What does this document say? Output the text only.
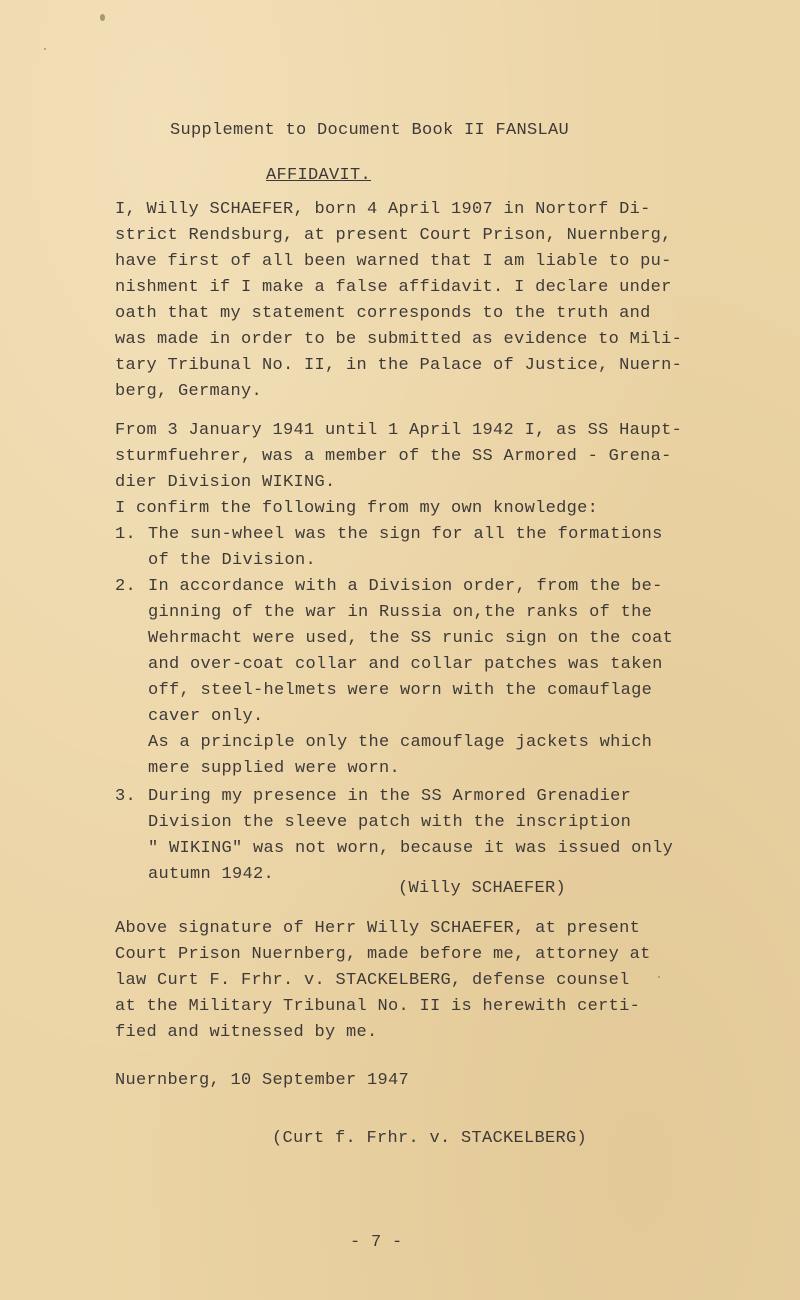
Supplement to Document Book II FANSLAU
AFFIDAVIT.
I, Willy SCHAEFER, born 4 April 1907 in Nortorf Di-
strict Rendsburg, at present Court Prison, Nuernberg,
have first of all been warned that I am liable to pu-
nishment if I make a false affidavit. I declare under
oath that my statement corresponds to the truth and
was made in order to be submitted as evidence to Mili-
tary Tribunal No. II, in the Palace of Justice, Nuern-
berg, Germany.
From 3 January 1941 until 1 April 1942 I, as SS Haupt-
sturmfuehrer, was a member of the SS Armored - Grena-
dier Division WIKING.
I confirm the following from my own knowledge:
1. The sun-wheel was the sign for all the formations
of the Division.
2. In accordance with a Division order, from the be-
ginning of the war in Russia on,the ranks of the
Wehrmacht were used, the SS runic sign on the coat
and over-coat collar and collar patches was taken
off, steel-helmets were worn with the comauflage
caver only.
As a principle only the camouflage jackets which
mere supplied were worn.
3. During my presence in the SS Armored Grenadier
Division the sleeve patch with the inscription
" WIKING" was not worn, because it was issued only
autumn 1942.
(Willy SCHAEFER)
Above signature of Herr Willy SCHAEFER, at present
Court Prison Nuernberg, made before me, attorney at
law Curt F. Frhr. v. STACKELBERG, defense counsel
at the Military Tribunal No. II is herewith certi-
fied and witnessed by me.
Nuernberg, 10 September 1947
(Curt f. Frhr. v. STACKELBERG)
- 7 -
